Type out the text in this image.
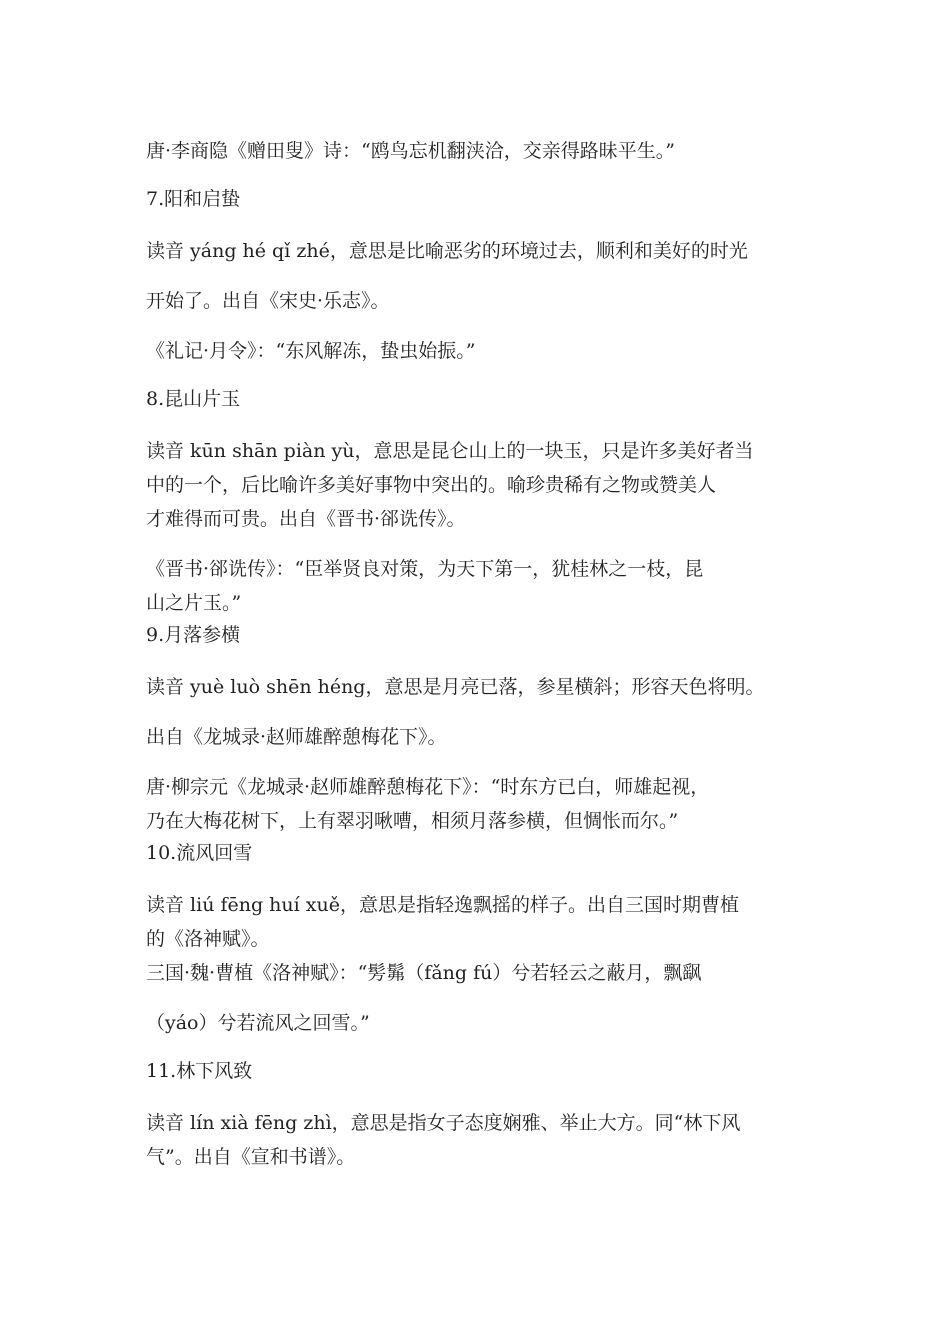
唐·李商隐《赠田叟》诗：“鸥鸟忘机翻浃洽，交亲得路昧平生。”
7.阳和启蛰
读音 yáng hé qǐ zhé，意思是比喻恶劣的环境过去，顺利和美好的时光
开始了。出自《宋史·乐志》。
《礼记·月令》：“东风解冻，蛰虫始振。”
8.昆山片玉
读音 kūn shān piàn yù，意思是昆仑山上的一块玉，只是许多美好者当
中的一个，后比喻许多美好事物中突出的。喻珍贵稀有之物或赞美人
才难得而可贵。出自《晋书·郤诜传》。
《晋书·郤诜传》：“臣举贤良对策，为天下第一，犹桂林之一枝，昆
山之片玉。”
9.月落参横
读音 yuè luò shēn héng，意思是月亮已落，参星横斜；形容天色将明。
出自《龙城录·赵师雄醉憩梅花下》。
唐·柳宗元《龙城录·赵师雄醉憩梅花下》：“时东方已白，师雄起视，
乃在大梅花树下，上有翠羽啾嘈，相须月落参横，但惆怅而尔。”
10.流风回雪
读音 liú fēng huí xuě，意思是指轻逸飘摇的样子。出自三国时期曹植
的《洛神赋》。
三国·魏·曹植《洛神赋》：“髣髴（fǎng fú）兮若轻云之蔽月，飘飖
（yáo）兮若流风之回雪。”
11.林下风致
读音 lín xià fēng zhì，意思是指女子态度娴雅、举止大方。同“林下风
气”。出自《宣和书谱》。
